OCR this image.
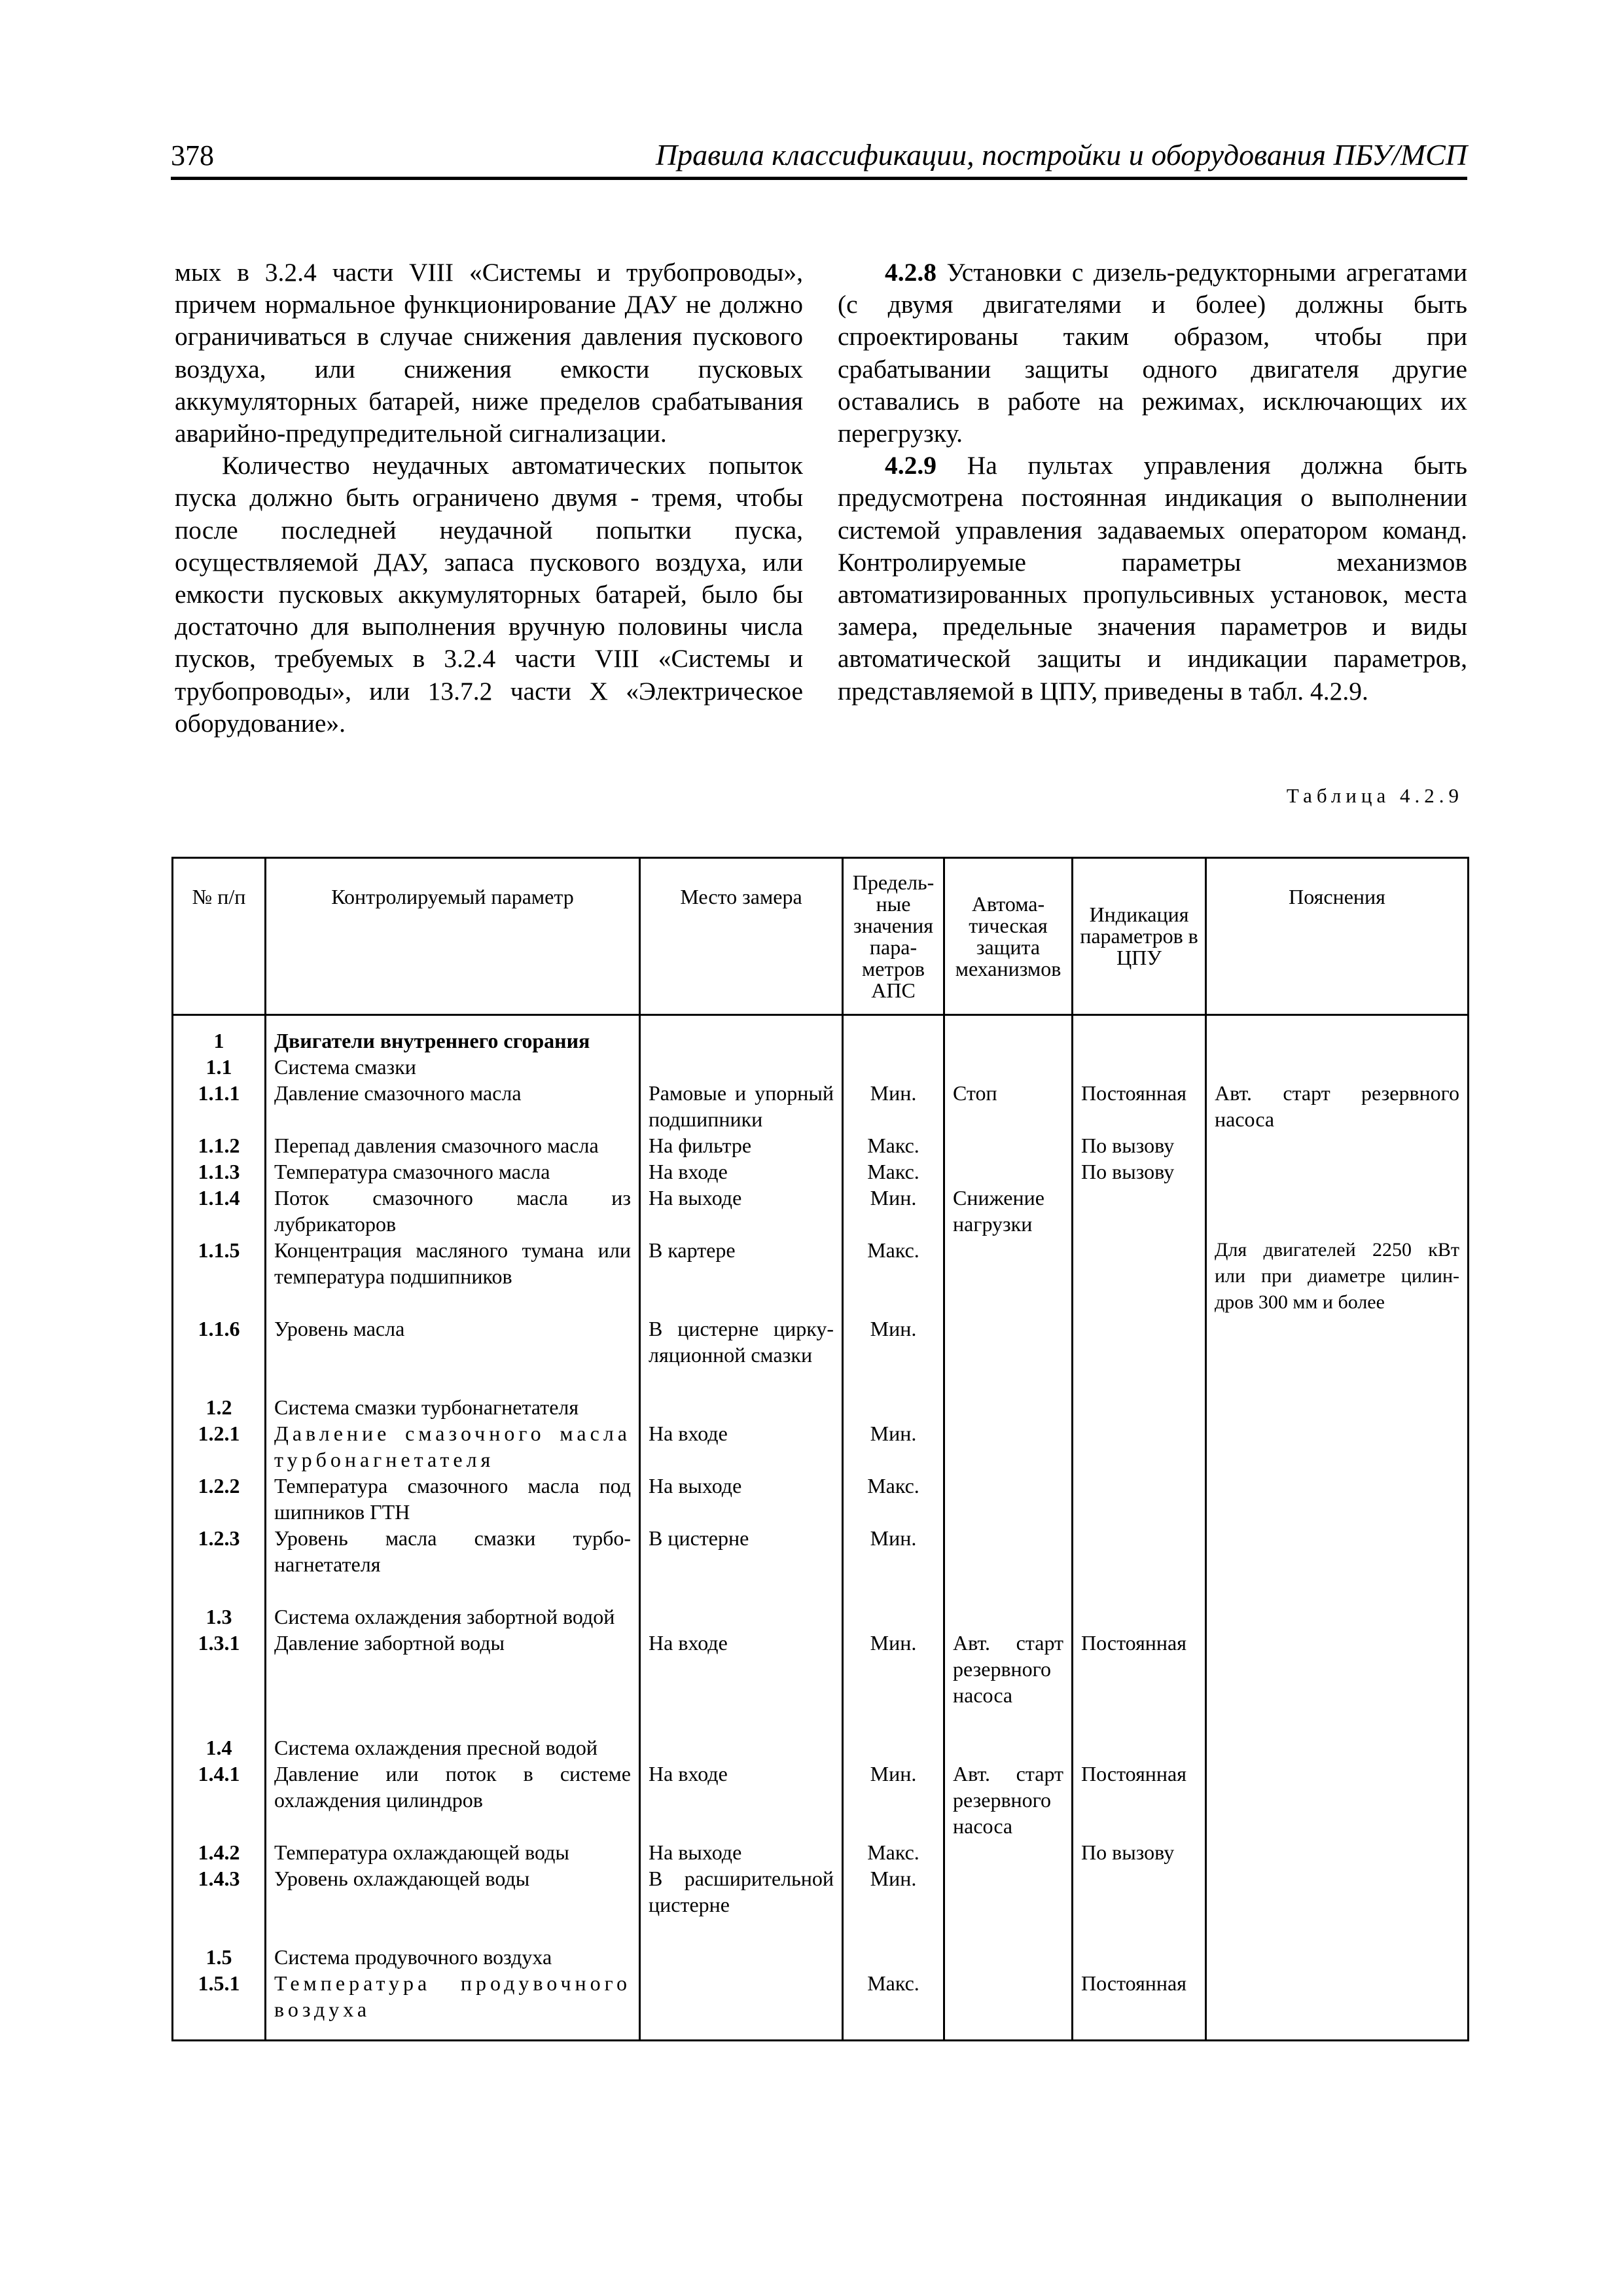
378	Правила классификации, постройки и оборудования ПБУ/МСП

мых в 3.2.4 части VIII «Системы и трубопроводы», причем нормальное функционирование ДАУ не должно ограничиваться в случае снижения давления пускового воздуха, или снижения емкости пусковых аккумуляторных батарей, ниже пределов срабатывания аварийно-предупредительной сигнализации.

Количество неудачных автоматических попыток пуска должно быть ограничено двумя - тремя, чтобы после последней неудачной попытки пуска, осуществляемой ДАУ, запаса пускового воздуха, или емкости пусковых аккумуляторных батарей, было бы достаточно для выполнения вручную половины числа пусков, требуемых в 3.2.4 части VIII «Системы и трубопроводы», или 13.7.2 части X «Электрическое оборудование».

4.2.8 Установки с дизель-редукторными агрегатами (с двумя двигателями и более) должны быть спроектированы таким образом, чтобы при срабатывании защиты одного двигателя другие оставались в работе на режимах, исключающих их перегрузку.

4.2.9 На пультах управления должна быть предусмотрена постоянная индикация о выполнении системой управления задаваемых оператором команд. Контролируемые параметры механизмов автоматизированных пропульсивных установок, места замера, предельные значения параметров и виды автоматической защиты и индикации параметров, представляемой в ЦПУ, приведены в табл. 4.2.9.

Таблица 4.2.9
№ п/п	Контролируемый параметр	Место замера	Предельные значения параметров АПС	Автоматическая защита механизмов	Индикация параметров в ЦПУ	Пояснения
1	Двигатели внутреннего сгорания					
1.1	Система смазки					
1.1.1	Давление смазочного масла	Рамовые и упорный подшипники	Мин.	Стоп	Постоянная	Авт. старт резервного насоса
1.1.2	Перепад давления смазочного масла	На фильтре	Макс.		По вызову	
1.1.3	Температура смазочного масла	На входе	Макс.		По вызову	
1.1.4	Поток смазочного масла из лубрикаторов	На выходе	Мин.	Снижение нагрузки		
1.1.5	Концентрация масляного тумана или температура подшипников	В картере	Макс.			Для двигателей 2250 кВт или при диаметре цилиндров 300 мм и более
1.1.6	Уровень масла	В цистерне циркуляционной смазки	Мин.			

1.2	Система смазки турбонагнетателя					
1.2.1	Давление смазочного масла турбонагнетателя	На входе	Мин.			
1.2.2	Температура смазочного масла под шипников ГТН	На выходе	Макс.			
1.2.3	Уровень масла смазки турбонагнетателя	В цистерне	Мин.			

1.3	Система охлаждения забортной водой					
1.3.1	Давление забортной воды	На входе	Мин.	Авт. старт резервного насоса	Постоянная	

1.4	Система охлаждения пресной водой					
1.4.1	Давление или поток в системе охлаждения цилиндров	На входе	Мин.	Авт. старт резервного насоса	Постоянная	
1.4.2	Температура охлаждающей воды	На выходе	Макс.		По вызову	
1.4.3	Уровень охлаждающей воды	В расширительной цистерне	Мин.			

1.5	Система продувочного воздуха					
1.5.1	Температура продувочного воздуха		Макс.		Постоянная	
